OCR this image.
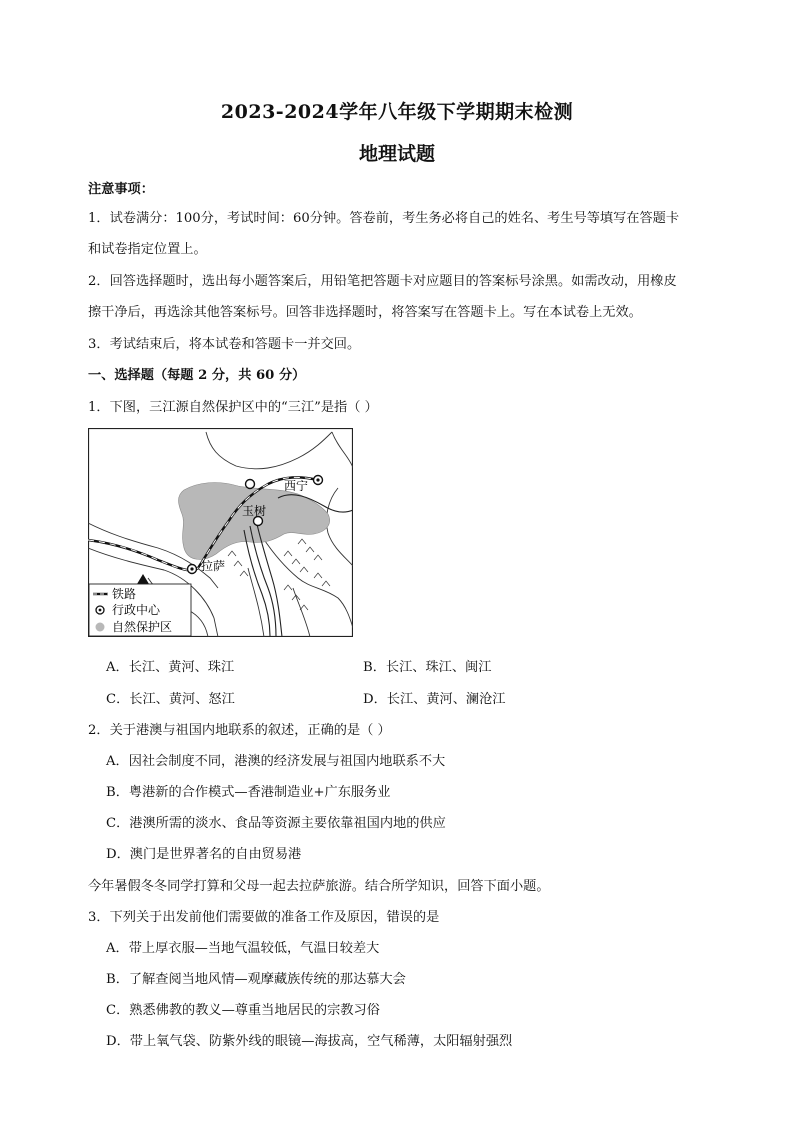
2023-2024学年八年级下学期期末检测
地理试题
注意事项：
1．试卷满分：100分，考试时间：60分钟。答卷前，考生务必将自己的姓名、考生号等填写在答题卡
和试卷指定位置上。
2．回答选择题时，选出每小题答案后，用铅笔把答题卡对应题目的答案标号涂黑。如需改动，用橡皮
擦干净后，再选涂其他答案标号。回答非选择题时，将答案写在答题卡上。写在本试卷上无效。
3．考试结束后，将本试卷和答题卡一并交回。
一、选择题（每题 2 分，共 60 分）
1．下图，三江源自然保护区中的“三江”是指（ ）
西宁
玉树
拉萨
铁路
行政中心
自然保护区
A．长江、黄河、珠江	B．长江、珠江、闽江
C．长江、黄河、怒江	D．长江、黄河、澜沧江
2．关于港澳与祖国内地联系的叙述，正确的是（ ）
A．因社会制度不同，港澳的经济发展与祖国内地联系不大
B．粤港新的合作模式—香港制造业+广东服务业
C．港澳所需的淡水、食品等资源主要依靠祖国内地的供应
D．澳门是世界著名的自由贸易港
今年暑假冬冬同学打算和父母一起去拉萨旅游。结合所学知识，回答下面小题。
3．下列关于出发前他们需要做的准备工作及原因，错误的是
A．带上厚衣服—当地气温较低，气温日较差大
B．了解查阅当地风情—观摩藏族传统的那达慕大会
C．熟悉佛教的教义—尊重当地居民的宗教习俗
D．带上氧气袋、防紫外线的眼镜—海拔高，空气稀薄，太阳辐射强烈
